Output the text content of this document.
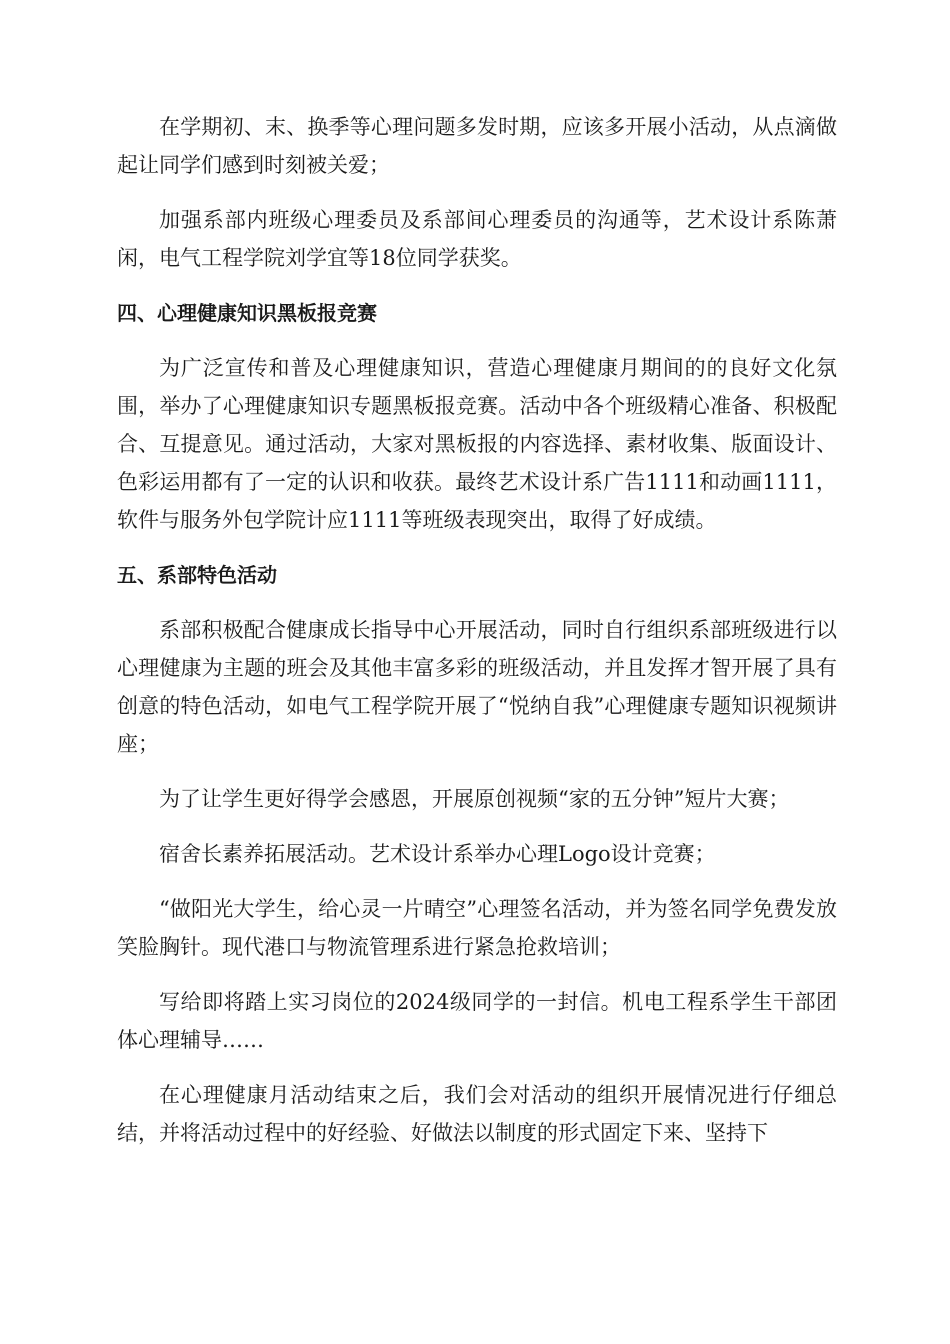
在学期初、末、换季等心理问题多发时期，应该多开展小活动，从点滴做起让同学们感到时刻被关爱；

加强系部内班级心理委员及系部间心理委员的沟通等，艺术设计系陈萧闲，电气工程学院刘学宜等18位同学获奖。

四、心理健康知识黑板报竞赛

为广泛宣传和普及心理健康知识，营造心理健康月期间的的良好文化氛围，举办了心理健康知识专题黑板报竞赛。活动中各个班级精心准备、积极配合、互提意见。通过活动，大家对黑板报的内容选择、素材收集、版面设计、色彩运用都有了一定的认识和收获。最终艺术设计系广告1111和动画1111，软件与服务外包学院计应1111等班级表现突出，取得了好成绩。

五、系部特色活动

系部积极配合健康成长指导中心开展活动，同时自行组织系部班级进行以心理健康为主题的班会及其他丰富多彩的班级活动，并且发挥才智开展了具有创意的特色活动，如电气工程学院开展了“悦纳自我”心理健康专题知识视频讲座；

为了让学生更好得学会感恩，开展原创视频“家的五分钟”短片大赛；

宿舍长素养拓展活动。艺术设计系举办心理Logo设计竞赛；

“做阳光大学生，给心灵一片晴空”心理签名活动，并为签名同学免费发放笑脸胸针。现代港口与物流管理系进行紧急抢救培训；

写给即将踏上实习岗位的2024级同学的一封信。机电工程系学生干部团体心理辅导……

在心理健康月活动结束之后，我们会对活动的组织开展情况进行仔细总结，并将活动过程中的好经验、好做法以制度的形式固定下来、坚持下
